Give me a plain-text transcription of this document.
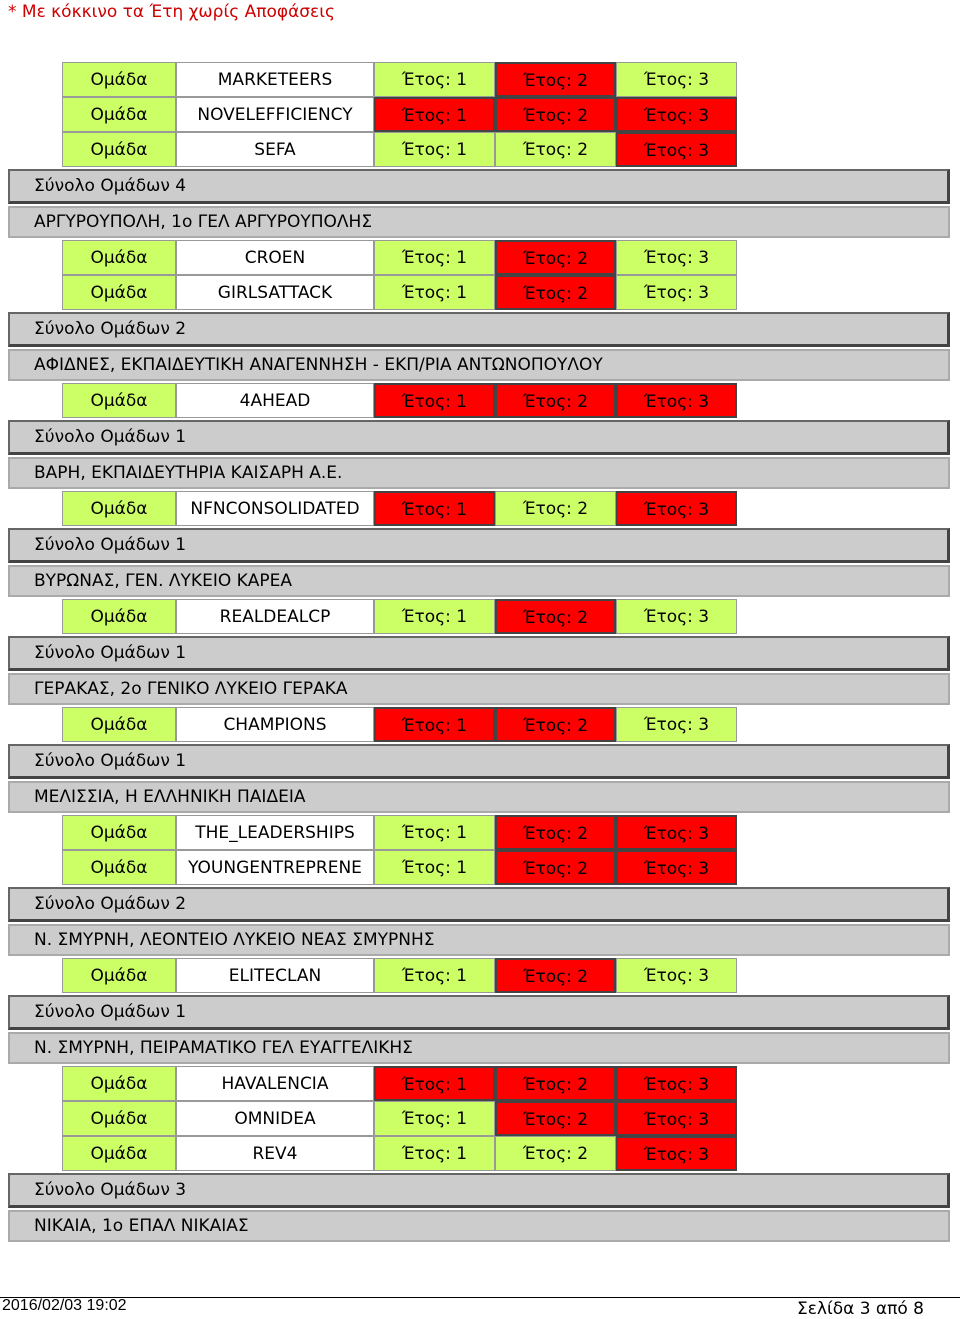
* Με κόκκινο τα Έτη χωρίς Αποφάσεις
Ομάδα	MARKETEERS	Έτος: 1	Έτος: 2	Έτος: 3
Ομάδα	NOVELEFFICIENCY	Έτος: 1	Έτος: 2	Έτος: 3
Ομάδα	SEFA	Έτος: 1	Έτος: 2	Έτος: 3
Σύνολο Ομάδων 4
ΑΡΓΥΡΟΥΠΟΛΗ, 1ο ΓΕΛ ΑΡΓΥΡΟΥΠΟΛΗΣ
Ομάδα	CROEN	Έτος: 1	Έτος: 2	Έτος: 3
Ομάδα	GIRLSATTACK	Έτος: 1	Έτος: 2	Έτος: 3
Σύνολο Ομάδων 2
ΑΦΙΔΝΕΣ, ΕΚΠΑΙΔΕΥΤΙΚΗ ΑΝΑΓΕΝΝΗΣΗ - ΕΚΠ/ΡΙΑ ΑΝΤΩΝΟΠΟΥΛΟΥ
Ομάδα	4AHEAD	Έτος: 1	Έτος: 2	Έτος: 3
Σύνολο Ομάδων 1
ΒΑΡΗ, ΕΚΠΑΙΔΕΥΤΗΡΙΑ ΚΑΙΣΑΡΗ Α.Ε.
Ομάδα	NFNCONSOLIDATED	Έτος: 1	Έτος: 2	Έτος: 3
Σύνολο Ομάδων 1
ΒΥΡΩΝΑΣ, ΓΕΝ. ΛΥΚΕΙΟ ΚΑΡΕΑ
Ομάδα	REALDEALCP	Έτος: 1	Έτος: 2	Έτος: 3
Σύνολο Ομάδων 1
ΓΕΡΑΚΑΣ, 2ο ΓΕΝΙΚΟ ΛΥΚΕΙΟ ΓΕΡΑΚΑ
Ομάδα	CHAMPIONS	Έτος: 1	Έτος: 2	Έτος: 3
Σύνολο Ομάδων 1
ΜΕΛΙΣΣΙΑ, Η ΕΛΛΗΝΙΚΗ ΠΑΙΔΕΙΑ
Ομάδα	THE_LEADERSHIPS	Έτος: 1	Έτος: 2	Έτος: 3
Ομάδα	YOUNGENTREPRENE	Έτος: 1	Έτος: 2	Έτος: 3
Σύνολο Ομάδων 2
Ν. ΣΜΥΡΝΗ, ΛΕΟΝΤΕΙΟ ΛΥΚΕΙΟ ΝΕΑΣ ΣΜΥΡΝΗΣ
Ομάδα	ELITECLAN	Έτος: 1	Έτος: 2	Έτος: 3
Σύνολο Ομάδων 1
Ν. ΣΜΥΡΝΗ, ΠΕΙΡΑΜΑΤΙΚΟ ΓΕΛ ΕΥΑΓΓΕΛΙΚΗΣ
Ομάδα	HAVALENCIA	Έτος: 1	Έτος: 2	Έτος: 3
Ομάδα	OMNIDEA	Έτος: 1	Έτος: 2	Έτος: 3
Ομάδα	REV4	Έτος: 1	Έτος: 2	Έτος: 3
Σύνολο Ομάδων 3
ΝΙΚΑΙΑ, 1ο ΕΠΑΛ ΝΙΚΑΙΑΣ
2016/02/03 19:02	Σελίδα 3 από 8
